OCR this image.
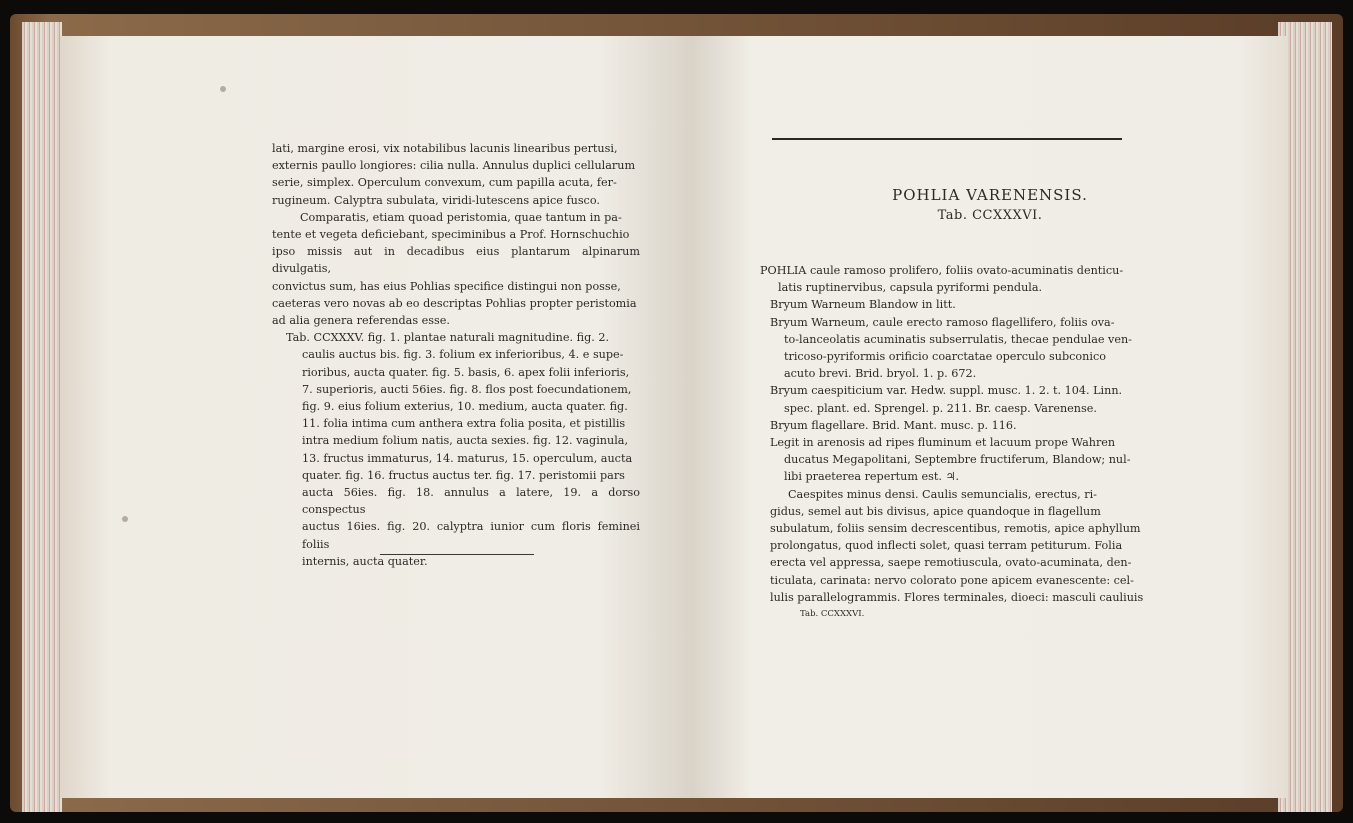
lati, margine erosi, vix notabilibus lacunis linearibus pertusi,

externis paullo longiores: cilia nulla. Annulus duplici cellularum

serie, simplex. Operculum convexum, cum papilla acuta, fer-

rugineum. Calyptra subulata, viridi-lutescens apice fusco.

Comparatis, etiam quoad peristomia, quae tantum in pa-

tente et vegeta deficiebant, speciminibus a Prof. Hornschuchio

ipso missis aut in decadibus eius plantarum alpinarum divulgatis,

convictus sum, has eius Pohlias specifice distingui non posse,

caeteras vero novas ab eo descriptas Pohlias propter peristomia

ad alia genera referendas esse.

Tab. CCXXXV. fig. 1. plantae naturali magnitudine. fig. 2.

caulis auctus bis. fig. 3. folium ex inferioribus, 4. e supe-

rioribus, aucta quater. fig. 5. basis, 6. apex folii inferioris,

7. superioris, aucti 56ies. fig. 8. flos post foecundationem,

fig. 9. eius folium exterius, 10. medium, aucta quater. fig.

11. folia intima cum anthera extra folia posita, et pistillis

intra medium folium natis, aucta sexies. fig. 12. vaginula,

13. fructus immaturus, 14. maturus, 15. operculum, aucta

quater. fig. 16. fructus auctus ter. fig. 17. peristomii pars

aucta 56ies. fig. 18. annulus a latere, 19. a dorso conspectus

auctus 16ies. fig. 20. calyptra iunior cum floris feminei foliis

internis, aucta quater.

POHLIA VARENENSIS.
Tab. CCXXXVI.

POHLIA caule ramoso prolifero, foliis ovato-acuminatis denticu-

latis ruptinervibus, capsula pyriformi pendula.

Bryum Warneum Blandow in litt.

Bryum Warneum, caule erecto ramoso flagellifero, foliis ova-

to-lanceolatis acuminatis subserrulatis, thecae pendulae ven-

tricoso-pyriformis orificio coarctatae operculo subconico

acuto brevi. Brid. bryol. 1. p. 672.

Bryum caespiticium var. Hedw. suppl. musc. 1. 2. t. 104. Linn.

spec. plant. ed. Sprengel. p. 211. Br. caesp. Varenense.

Bryum flagellare. Brid. Mant. musc. p. 116.

Legit in arenosis ad ripes fluminum et lacuum prope Wahren

ducatus Megapolitani, Septembre fructiferum, Blandow; nul-

libi praeterea repertum est. ♃.

Caespites minus densi. Caulis semuncialis, erectus, ri-

gidus, semel aut bis divisus, apice quandoque in flagellum

subulatum, foliis sensim decrescentibus, remotis, apice aphyllum

prolongatus, quod inflecti solet, quasi terram petiturum. Folia

erecta vel appressa, saepe remotiuscula, ovato-acuminata, den-

ticulata, carinata: nervo colorato pone apicem evanescente: cel-

lulis parallelogrammis. Flores terminales, dioeci: masculi cauliuis

Tab. CCXXXVI.
